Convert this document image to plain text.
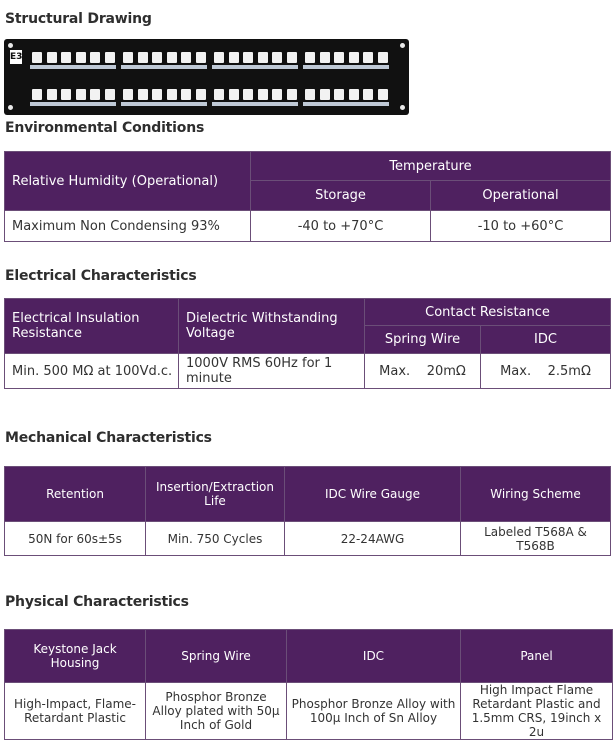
Structural Drawing
E3
Environmental Conditions
Relative Humidity (Operational)	Temperature	
	Storage	Operational
Maximum Non Condensing 93%	-40 to +70°C	-10 to +60°C
Electrical Characteristics
Electrical Insulation Resistance	Dielectric Withstanding Voltage	Contact Resistance	
		Spring Wire	IDC
Min. 500 MΩ at 100Vd.c.	1000V RMS 60Hz for 1 minute	Max.    20mΩ	Max.    2.5mΩ
Mechanical Characteristics
Retention	Insertion/Extraction Life	IDC Wire Gauge	Wiring Scheme
50N for 60s±5s	Min. 750 Cycles	22-24AWG	Labeled T568A & T568B
Physical Characteristics
Keystone Jack Housing	Spring Wire	IDC	Panel
High-Impact, Flame-Retardant Plastic	Phosphor Bronze Alloy plated with 50μ Inch of Gold	Phosphor Bronze Alloy with 100μ Inch of Sn Alloy	High Impact Flame Retardant Plastic and 1.5mm CRS, 19inch x 2u
